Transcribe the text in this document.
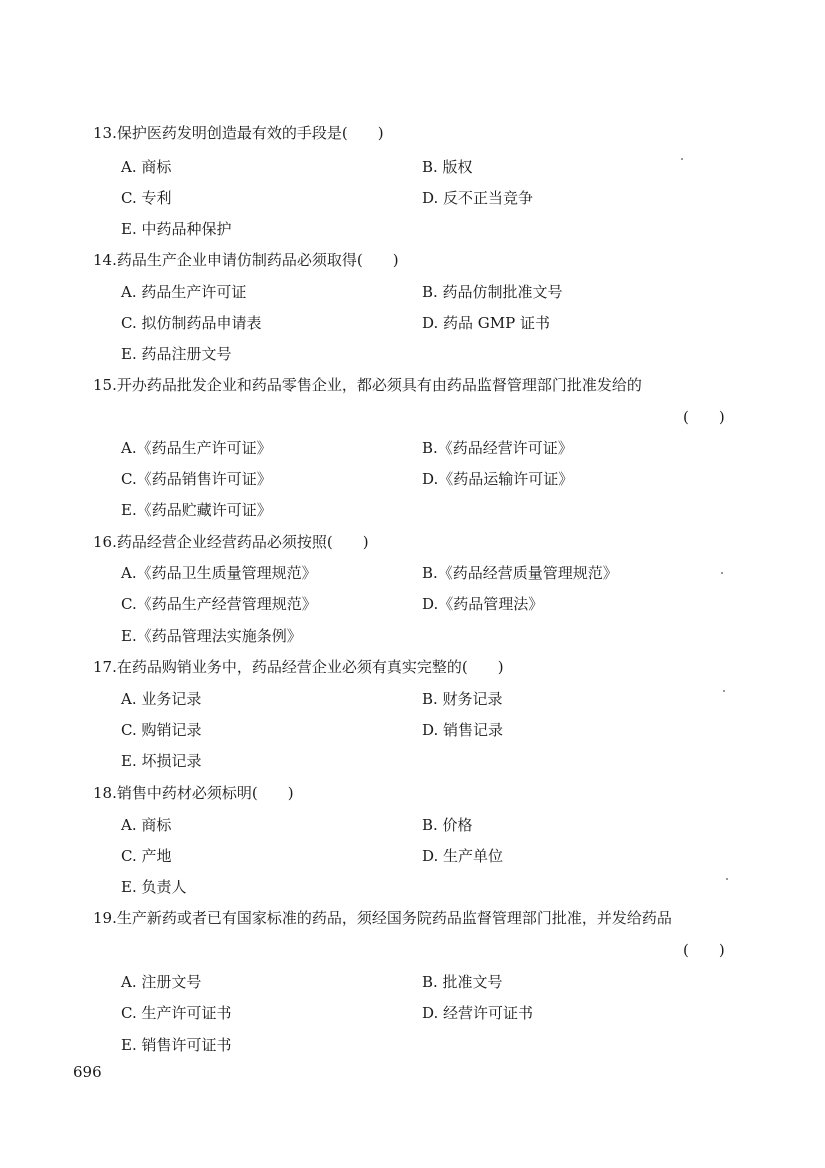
13.保护医药发明创造最有效的手段是(　　)
A. 商标	B. 版权
C. 专利	D. 反不正当竞争
E. 中药品种保护
14.药品生产企业申请仿制药品必须取得(　　)
A. 药品生产许可证	B. 药品仿制批准文号
C. 拟仿制药品申请表	D. 药品 GMP 证书
E. 药品注册文号
15.开办药品批发企业和药品零售企业，都必须具有由药品监督管理部门批准发给的
(　　)
A.《药品生产许可证》	B.《药品经营许可证》
C.《药品销售许可证》	D.《药品运输许可证》
E.《药品贮藏许可证》
16.药品经营企业经营药品必须按照(　　)
A.《药品卫生质量管理规范》	B.《药品经营质量管理规范》
C.《药品生产经营管理规范》	D.《药品管理法》
E.《药品管理法实施条例》
17.在药品购销业务中，药品经营企业必须有真实完整的(　　)
A. 业务记录	B. 财务记录
C. 购销记录	D. 销售记录
E. 坏损记录
18.销售中药材必须标明(　　)
A. 商标	B. 价格
C. 产地	D. 生产单位
E. 负责人
19.生产新药或者已有国家标准的药品，须经国务院药品监督管理部门批准，并发给药品
(　　)
A. 注册文号	B. 批准文号
C. 生产许可证书	D. 经营许可证书
E. 销售许可证书
696
